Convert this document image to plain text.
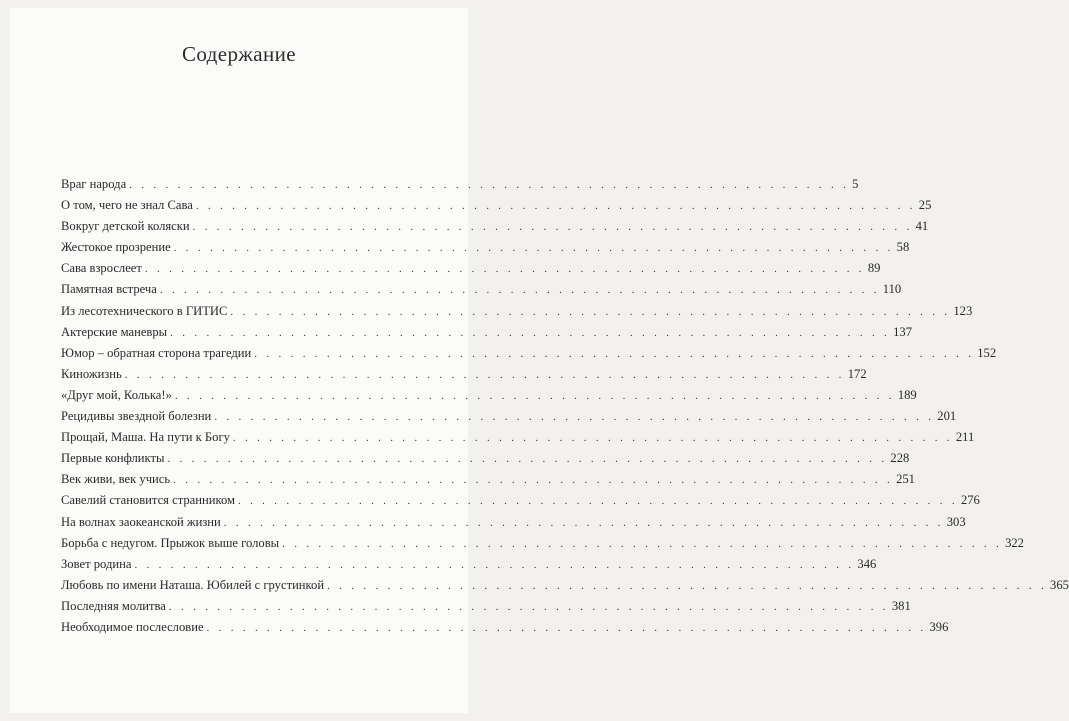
Содержание
Враг народа . . . . . . . . . . . . . . . . . . . . . . . . . . . . . . . . . . . . . . . . . . . . . . . . . . . . . . . . . . . . 5
О том, чего не знал Сава . . . . . . . . . . . . . . . . . . . . . . . . . . . . . . . . . . . . . . . . . . . . . . . . . . . . . . . . . . . . 25
Вокруг детской коляски . . . . . . . . . . . . . . . . . . . . . . . . . . . . . . . . . . . . . . . . . . . . . . . . . . . . . . . . . . . . 41
Жестокое прозрение . . . . . . . . . . . . . . . . . . . . . . . . . . . . . . . . . . . . . . . . . . . . . . . . . . . . . . . . . . . . 58
Сава взрослеет . . . . . . . . . . . . . . . . . . . . . . . . . . . . . . . . . . . . . . . . . . . . . . . . . . . . . . . . . . . . 89
Памятная встреча . . . . . . . . . . . . . . . . . . . . . . . . . . . . . . . . . . . . . . . . . . . . . . . . . . . . . . . . . . . . 110
Из лесотехнического в ГИТИС . . . . . . . . . . . . . . . . . . . . . . . . . . . . . . . . . . . . . . . . . . . . . . . . . . . . . . . . . . . . 123
Актерские маневры . . . . . . . . . . . . . . . . . . . . . . . . . . . . . . . . . . . . . . . . . . . . . . . . . . . . . . . . . . . . 137
Юмор – обратная сторона трагедии . . . . . . . . . . . . . . . . . . . . . . . . . . . . . . . . . . . . . . . . . . . . . . . . . . . . . . . . . . . . 152
Киножизнь . . . . . . . . . . . . . . . . . . . . . . . . . . . . . . . . . . . . . . . . . . . . . . . . . . . . . . . . . . . . 172
«Друг мой, Колька!» . . . . . . . . . . . . . . . . . . . . . . . . . . . . . . . . . . . . . . . . . . . . . . . . . . . . . . . . . . . . 189
Рецидивы звездной болезни . . . . . . . . . . . . . . . . . . . . . . . . . . . . . . . . . . . . . . . . . . . . . . . . . . . . . . . . . . . . 201
Прощай, Маша. На пути к Богу . . . . . . . . . . . . . . . . . . . . . . . . . . . . . . . . . . . . . . . . . . . . . . . . . . . . . . . . . . . . 211
Первые конфликты . . . . . . . . . . . . . . . . . . . . . . . . . . . . . . . . . . . . . . . . . . . . . . . . . . . . . . . . . . . . 228
Век живи, век учись . . . . . . . . . . . . . . . . . . . . . . . . . . . . . . . . . . . . . . . . . . . . . . . . . . . . . . . . . . . . 251
Савелий становится странником . . . . . . . . . . . . . . . . . . . . . . . . . . . . . . . . . . . . . . . . . . . . . . . . . . . . . . . . . . . . 276
На волнах заокеанской жизни . . . . . . . . . . . . . . . . . . . . . . . . . . . . . . . . . . . . . . . . . . . . . . . . . . . . . . . . . . . . 303
Борьба с недугом. Прыжок выше головы . . . . . . . . . . . . . . . . . . . . . . . . . . . . . . . . . . . . . . . . . . . . . . . . . . . . . . . . . . . . 322
Зовет родина . . . . . . . . . . . . . . . . . . . . . . . . . . . . . . . . . . . . . . . . . . . . . . . . . . . . . . . . . . . . 346
Любовь по имени Наташа. Юбилей с грустинкой . . . . . . . . . . . . . . . . . . . . . . . . . . . . . . . . . . . . . . . . . . . . . . . . . . . . . . . . . . . . 365
Последняя молитва . . . . . . . . . . . . . . . . . . . . . . . . . . . . . . . . . . . . . . . . . . . . . . . . . . . . . . . . . . . . 381
Необходимое послесловие . . . . . . . . . . . . . . . . . . . . . . . . . . . . . . . . . . . . . . . . . . . . . . . . . . . . . . . . . . . . 396
